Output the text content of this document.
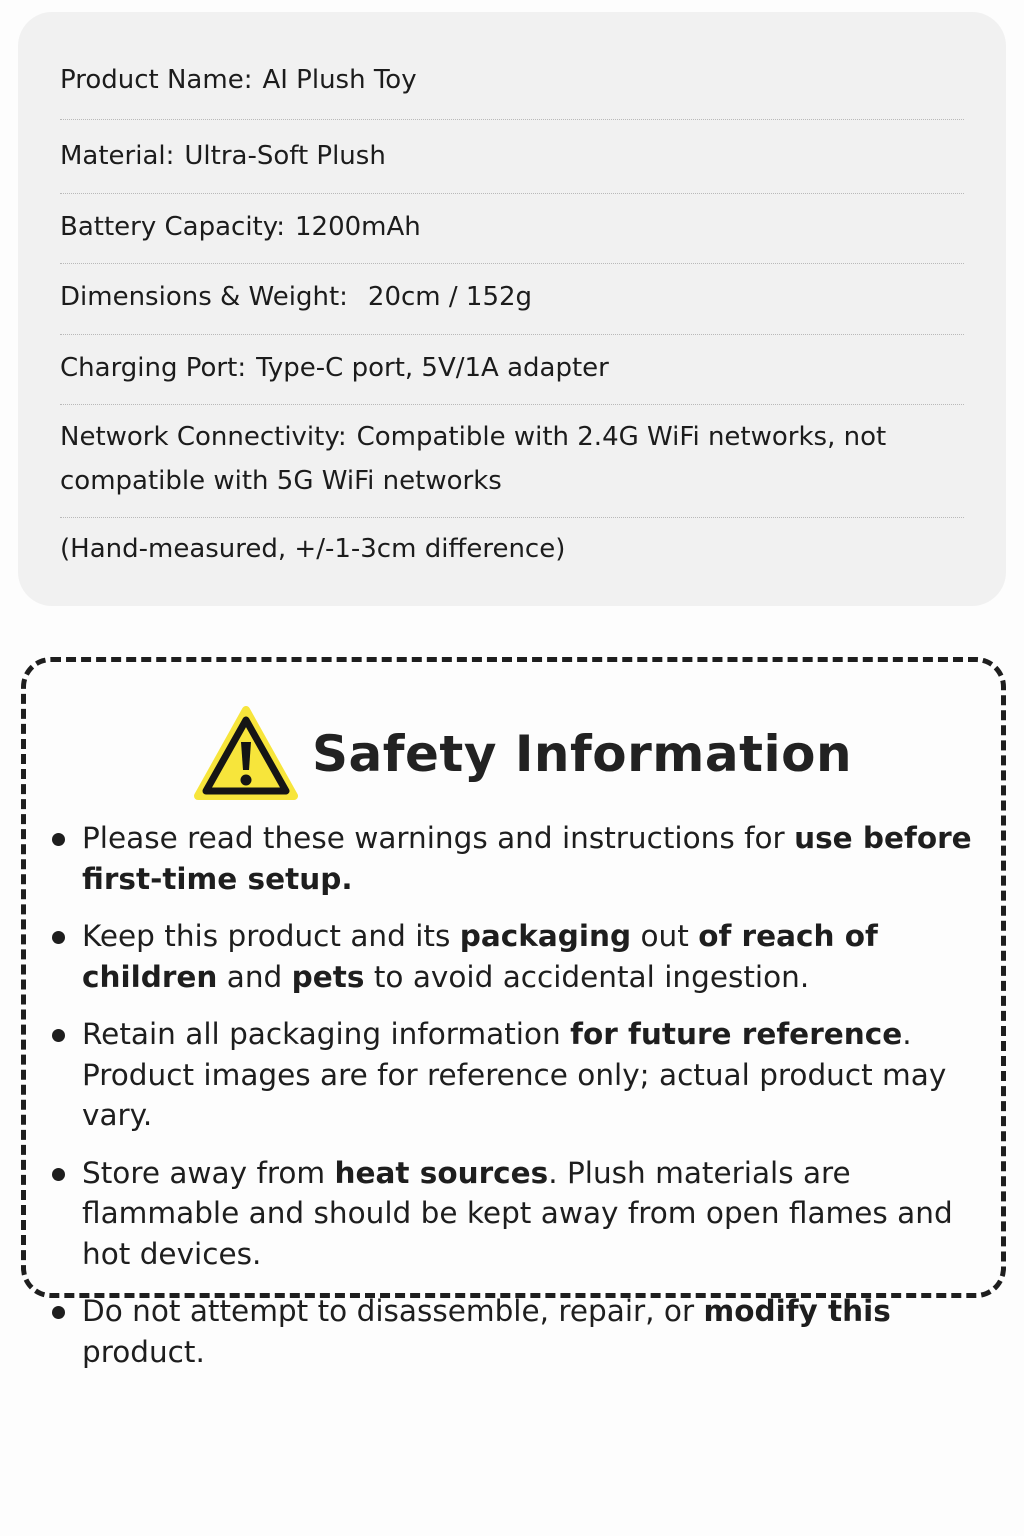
Product Name: AI Plush Toy
Material: Ultra-Soft Plush
Battery Capacity: 1200mAh
Dimensions & Weight: 20cm / 152g
Charging Port: Type-C port, 5V/1A adapter
Network Connectivity: Compatible with 2.4G WiFi networks, not compatible with 5G WiFi networks
(Hand-measured, +/-1-3cm difference)
Safety Information
Please read these warnings and instructions for use before first-time setup.
Keep this product and its packaging out of reach of children and pets to avoid accidental ingestion.
Retain all packaging information for future reference. Product images are for reference only; actual product may vary.
Store away from heat sources. Plush materials are flammable and should be kept away from open flames and hot devices.
Do not attempt to disassemble, repair, or modify this product.
